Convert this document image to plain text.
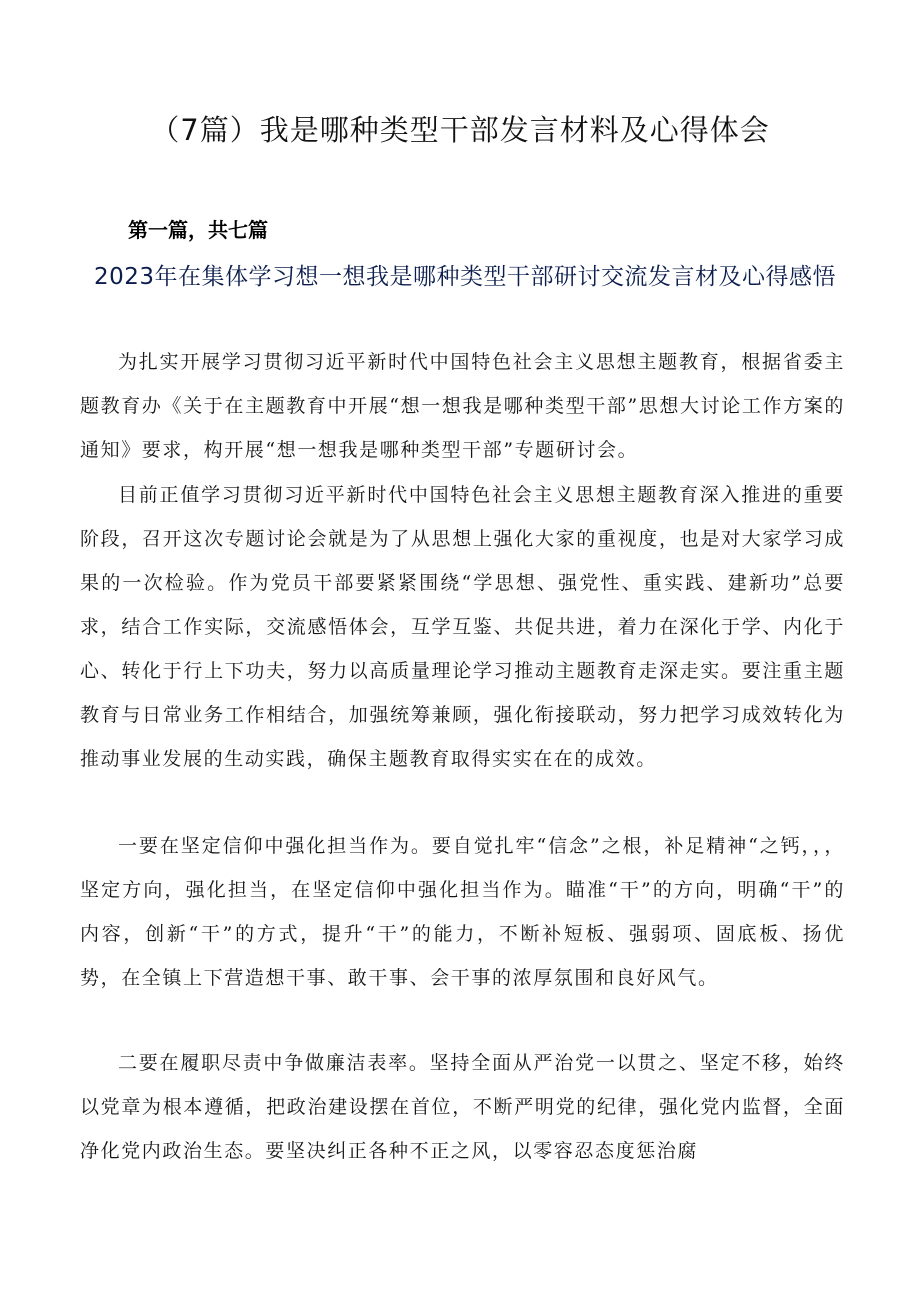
（7篇）我是哪种类型干部发言材料及心得体会
第一篇，共七篇
2023年在集体学习想一想我是哪种类型干部研讨交流发言材及心得感悟

为扎实开展学习贯彻习近平新时代中国特色社会主义思想主题教育，根据省委主题教育办《关于在主题教育中开展“想一想我是哪种类型干部”思想大讨论工作方案的通知》要求，构开展“想一想我是哪种类型干部”专题研讨会。

目前正值学习贯彻习近平新时代中国特色社会主义思想主题教育深入推进的重要阶段，召开这次专题讨论会就是为了从思想上强化大家的重视度，也是对大家学习成果的一次检验。作为党员干部要紧紧围绕“学思想、强党性、重实践、建新功”总要求，结合工作实际，交流感悟体会，互学互鉴、共促共进，着力在深化于学、内化于心、转化于行上下功夫，努力以高质量理论学习推动主题教育走深走实。要注重主题教育与日常业务工作相结合，加强统筹兼顾，强化衔接联动，努力把学习成效转化为推动事业发展的生动实践，确保主题教育取得实实在在的成效。

一要在坚定信仰中强化担当作为。要自觉扎牢“信念”之根，补足精神“之钙，，，坚定方向，强化担当，在坚定信仰中强化担当作为。瞄准“干”的方向，明确“干”的内容，创新“干”的方式，提升“干”的能力，不断补短板、强弱项、固底板、扬优势，在全镇上下营造想干事、敢干事、会干事的浓厚氛围和良好风气。

二要在履职尽责中争做廉洁表率。坚持全面从严治党一以贯之、坚定不移，始终以党章为根本遵循，把政治建设摆在首位，不断严明党的纪律，强化党内监督，全面净化党内政治生态。要坚决纠正各种不正之风，以零容忍态度惩治腐
